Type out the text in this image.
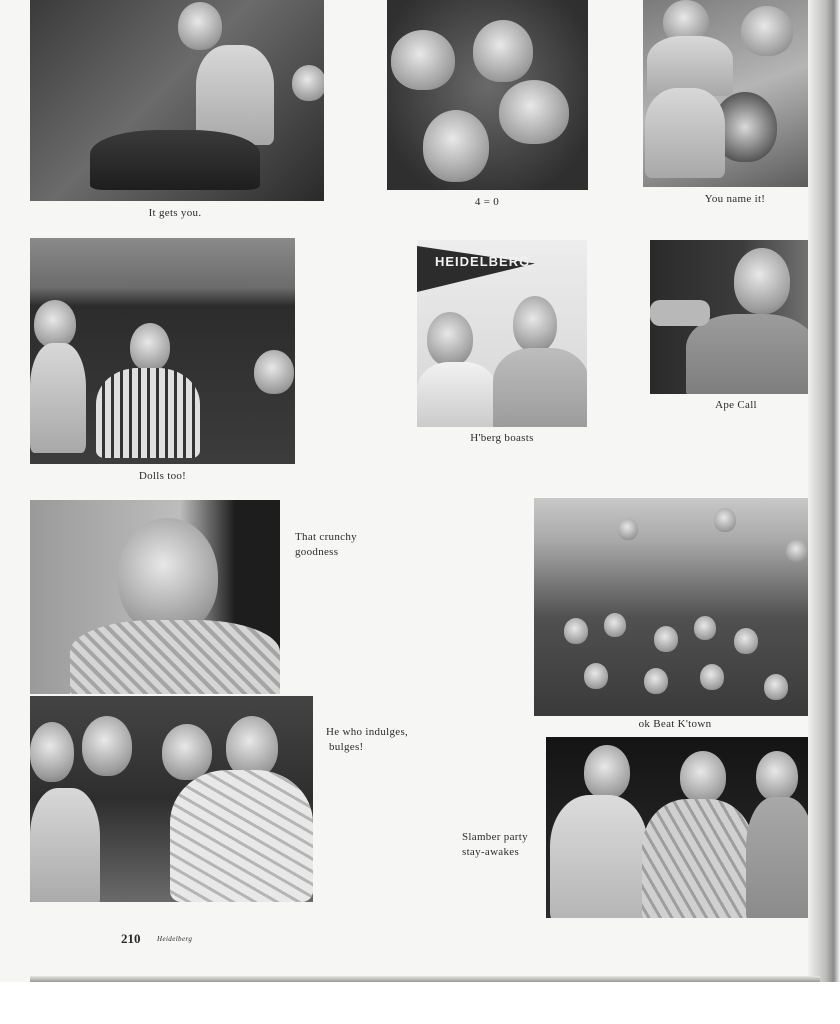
It gets you.
4 = 0	You name it!
Dolls too!
HEIDELBERG
H'berg boasts
Ape Call
That crunchy
goodness
ok Beat K'town
He who indulges,
bulges!
Slamber party
stay-awakes
210 Heidelberg
